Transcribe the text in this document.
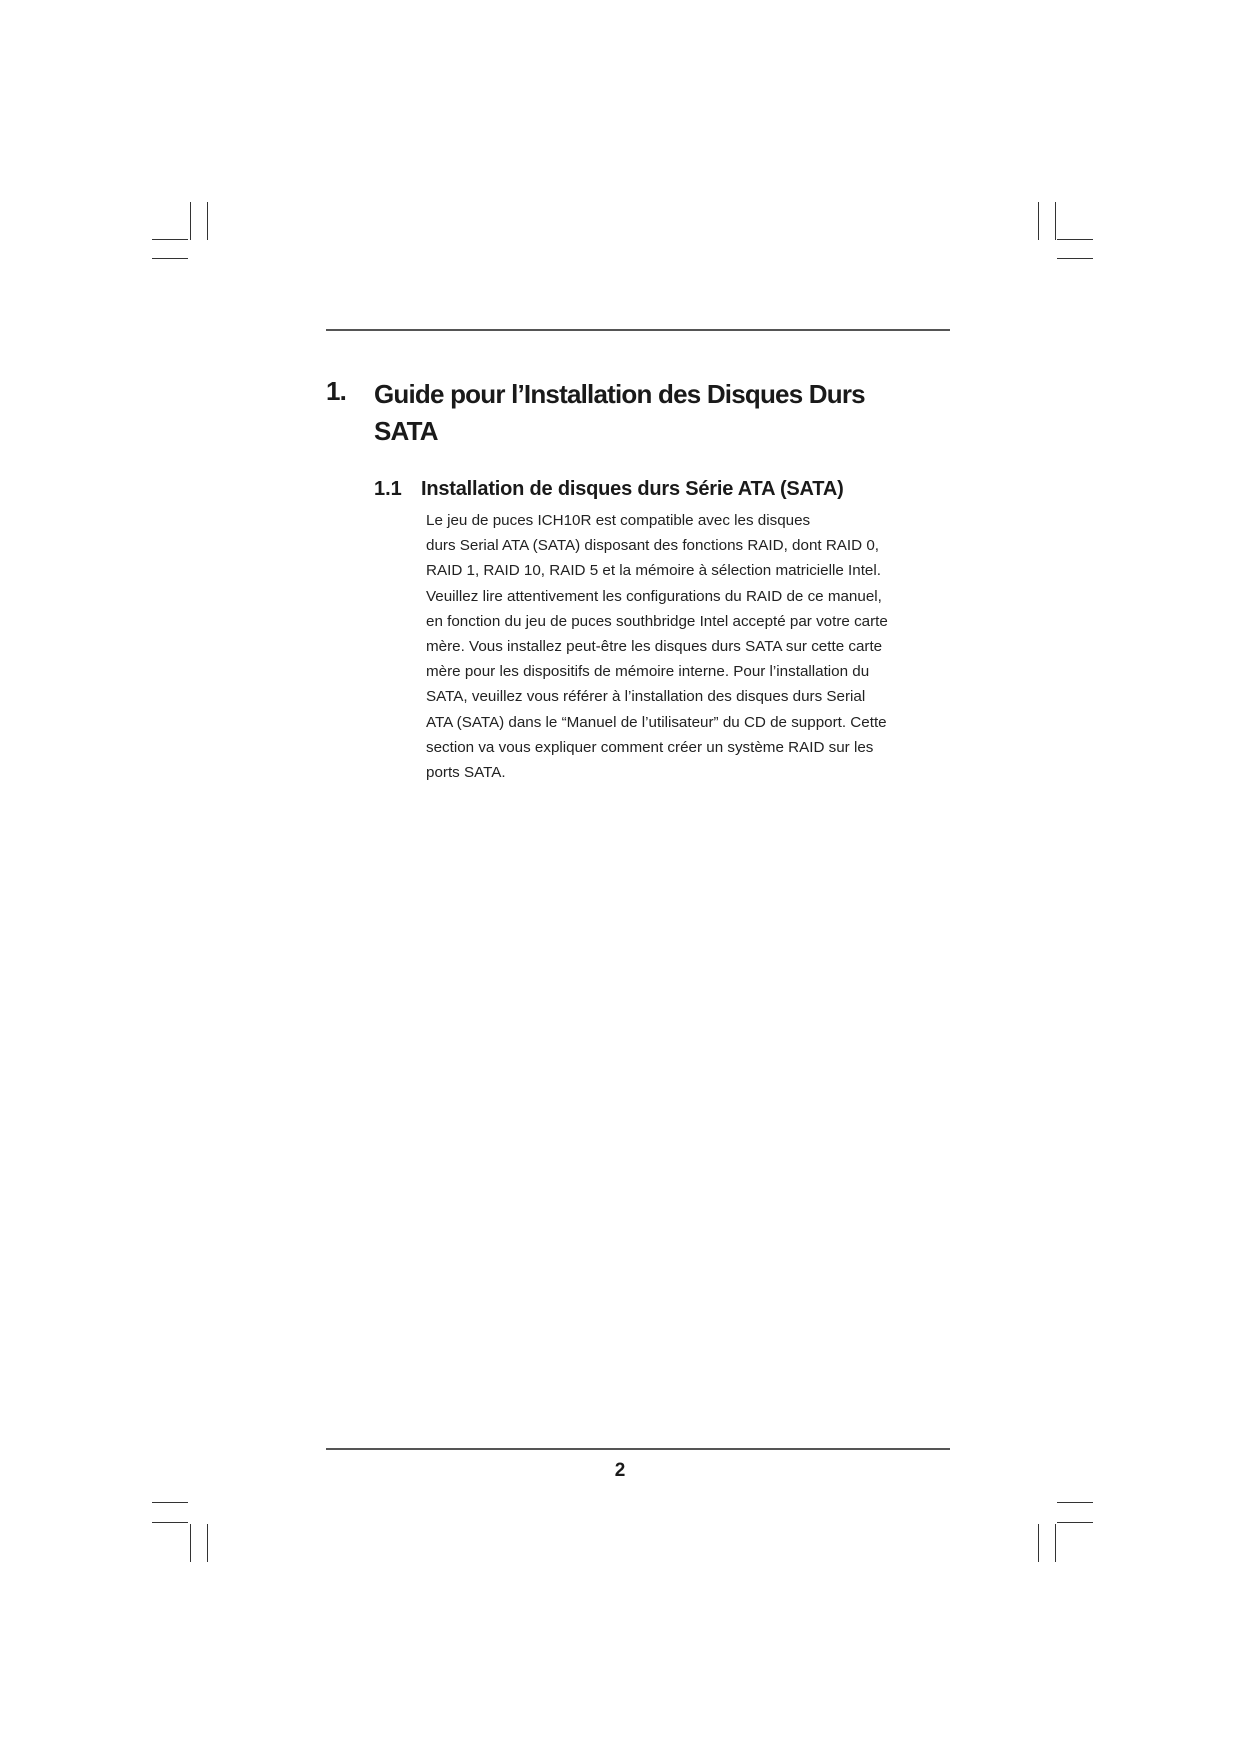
1. Guide pour l’Installation des Disques Durs SATA
1.1 Installation de disques durs Série ATA (SATA)
Le jeu de puces ICH10R est compatible avec les disques
durs Serial ATA (SATA) disposant des fonctions RAID, dont RAID 0,
RAID 1, RAID 10, RAID 5 et la mémoire à sélection matricielle Intel.
Veuillez lire attentivement les configurations du RAID de ce manuel,
en fonction du jeu de puces southbridge Intel accepté par votre carte
mère. Vous installez peut-être les disques durs SATA sur cette carte
mère pour les dispositifs de mémoire interne. Pour l’installation du
SATA, veuillez vous référer à l’installation des disques durs Serial
ATA (SATA) dans le “Manuel de l’utilisateur” du CD de support. Cette
section va vous expliquer comment créer un système RAID sur les
ports SATA.
2
